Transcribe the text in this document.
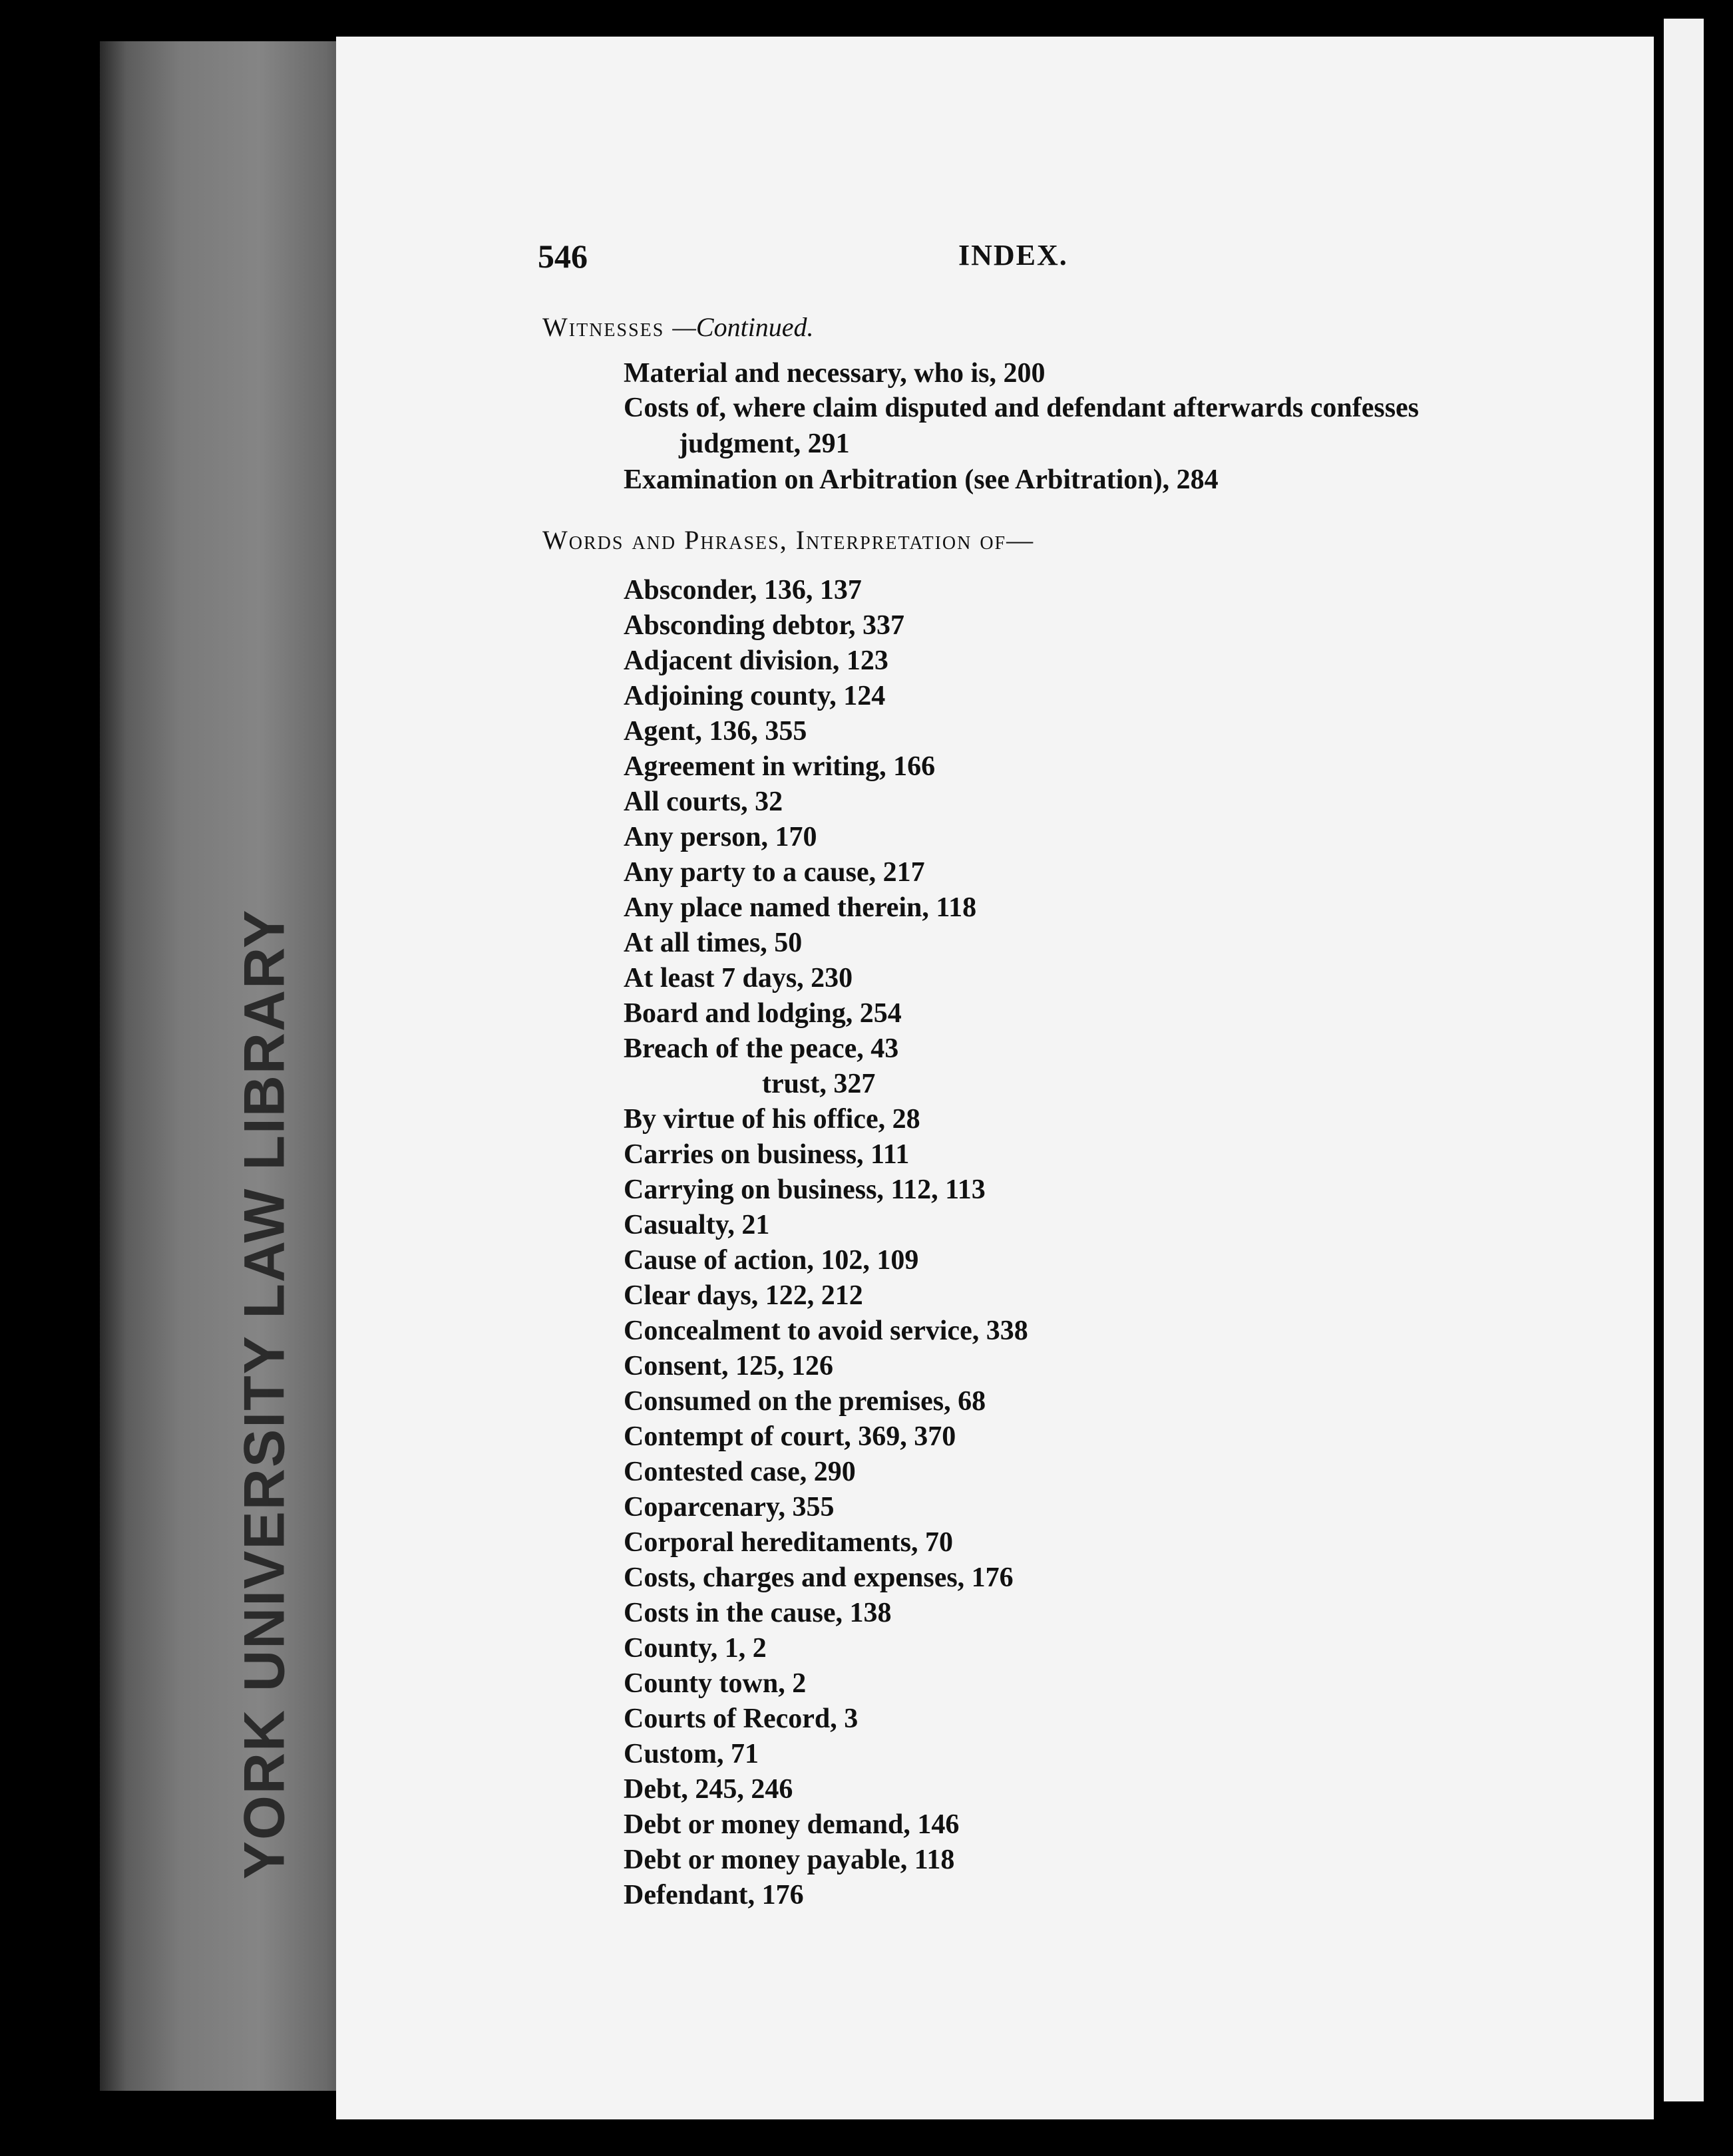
YORK UNIVERSITY LAW LIBRARY
546	INDEX.
Witnesses —Continued.
Material and necessary, who is, 200
Costs of, where claim disputed and defendant afterwards confesses
judgment, 291
Examination on Arbitration (see Arbitration), 284
Words and Phrases, Interpretation of—
Absconder, 136, 137
Absconding debtor, 337
Adjacent division, 123
Adjoining county, 124
Agent, 136, 355
Agreement in writing, 166
All courts, 32
Any person, 170
Any party to a cause, 217
Any place named therein, 118
At all times, 50
At least 7 days, 230
Board and lodging, 254
Breach of the peace, 43
trust, 327
By virtue of his office, 28
Carries on business, 111
Carrying on business, 112, 113
Casualty, 21
Cause of action, 102, 109
Clear days, 122, 212
Concealment to avoid service, 338
Consent, 125, 126
Consumed on the premises, 68
Contempt of court, 369, 370
Contested case, 290
Coparcenary, 355
Corporal hereditaments, 70
Costs, charges and expenses, 176
Costs in the cause, 138
County, 1, 2
County town, 2
Courts of Record, 3
Custom, 71
Debt, 245, 246
Debt or money demand, 146
Debt or money payable, 118
Defendant, 176
